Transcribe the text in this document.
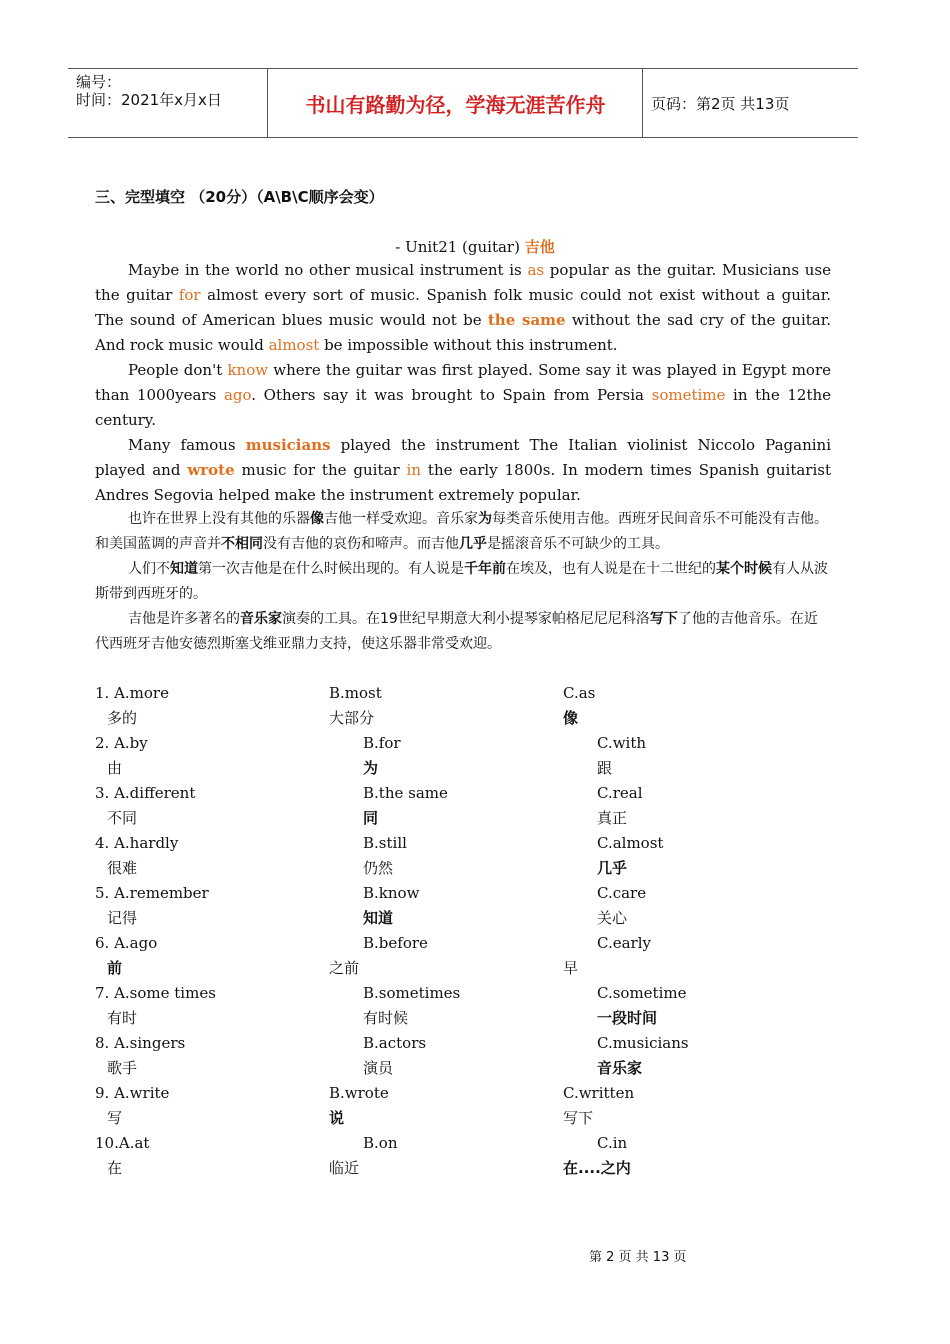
编号：
时间：2021年x月x日	书山有路勤为径，学海无涯苦作舟	页码：第2页 共13页
三、完型填空 （20分）（A\B\C顺序会变）
- Unit21 (guitar) 吉他

Maybe in the world no other musical instrument is as popular as the guitar. Musicians use the guitar for almost every sort of music. Spanish folk music could not exist without a guitar. The sound of American blues music would not be the same without the sad cry of the guitar. And rock music would almost be impossible without this instrument.

People don't know where the guitar was first played. Some say it was played in Egypt more than 1000years ago. Others say it was brought to Spain from Persia sometime in the 12the century.

Many famous musicians played the instrument The Italian violinist Niccolo Paganini played and wrote music for the guitar in the early 1800s. In modern times Spanish guitarist Andres Segovia helped make the instrument extremely popular.

也许在世界上没有其他的乐器像吉他一样受欢迎。音乐家为每类音乐使用吉他。西班牙民间音乐不可能没有吉他。和美国蓝调的声音并不相同没有吉他的哀伤和啼声。而吉他几乎是摇滚音乐不可缺少的工具。

人们不知道第一次吉他是在什么时候出现的。有人说是千年前在埃及，也有人说是在十二世纪的某个时候有人从波斯带到西班牙的。

吉他是许多著名的音乐家演奏的工具。在19世纪早期意大利小提琴家帕格尼尼尼科洛写下了他的吉他音乐。在近代西班牙吉他安德烈斯塞戈维亚鼎力支持，使这乐器非常受欢迎。

1. A.more	B.most	C.as
多的	大部分	像
2. A.by	B.for	C.with
由	为	跟
3. A.different	B.the same	C.real
不同	同	真正
4. A.hardly	B.still	C.almost
很难	仍然	几乎
5. A.remember	B.know	C.care
记得	知道	关心
6. A.ago	B.before	C.early
前	之前	早
7. A.some times	B.sometimes	C.sometime
有时	有时候	一段时间
8. A.singers	B.actors	C.musicians
歌手	演员	音乐家
9. A.write	B.wrote	C.written
写	说	写下
10.A.at	B.on	C.in
在	临近	在....之内
第 2 页 共 13 页
